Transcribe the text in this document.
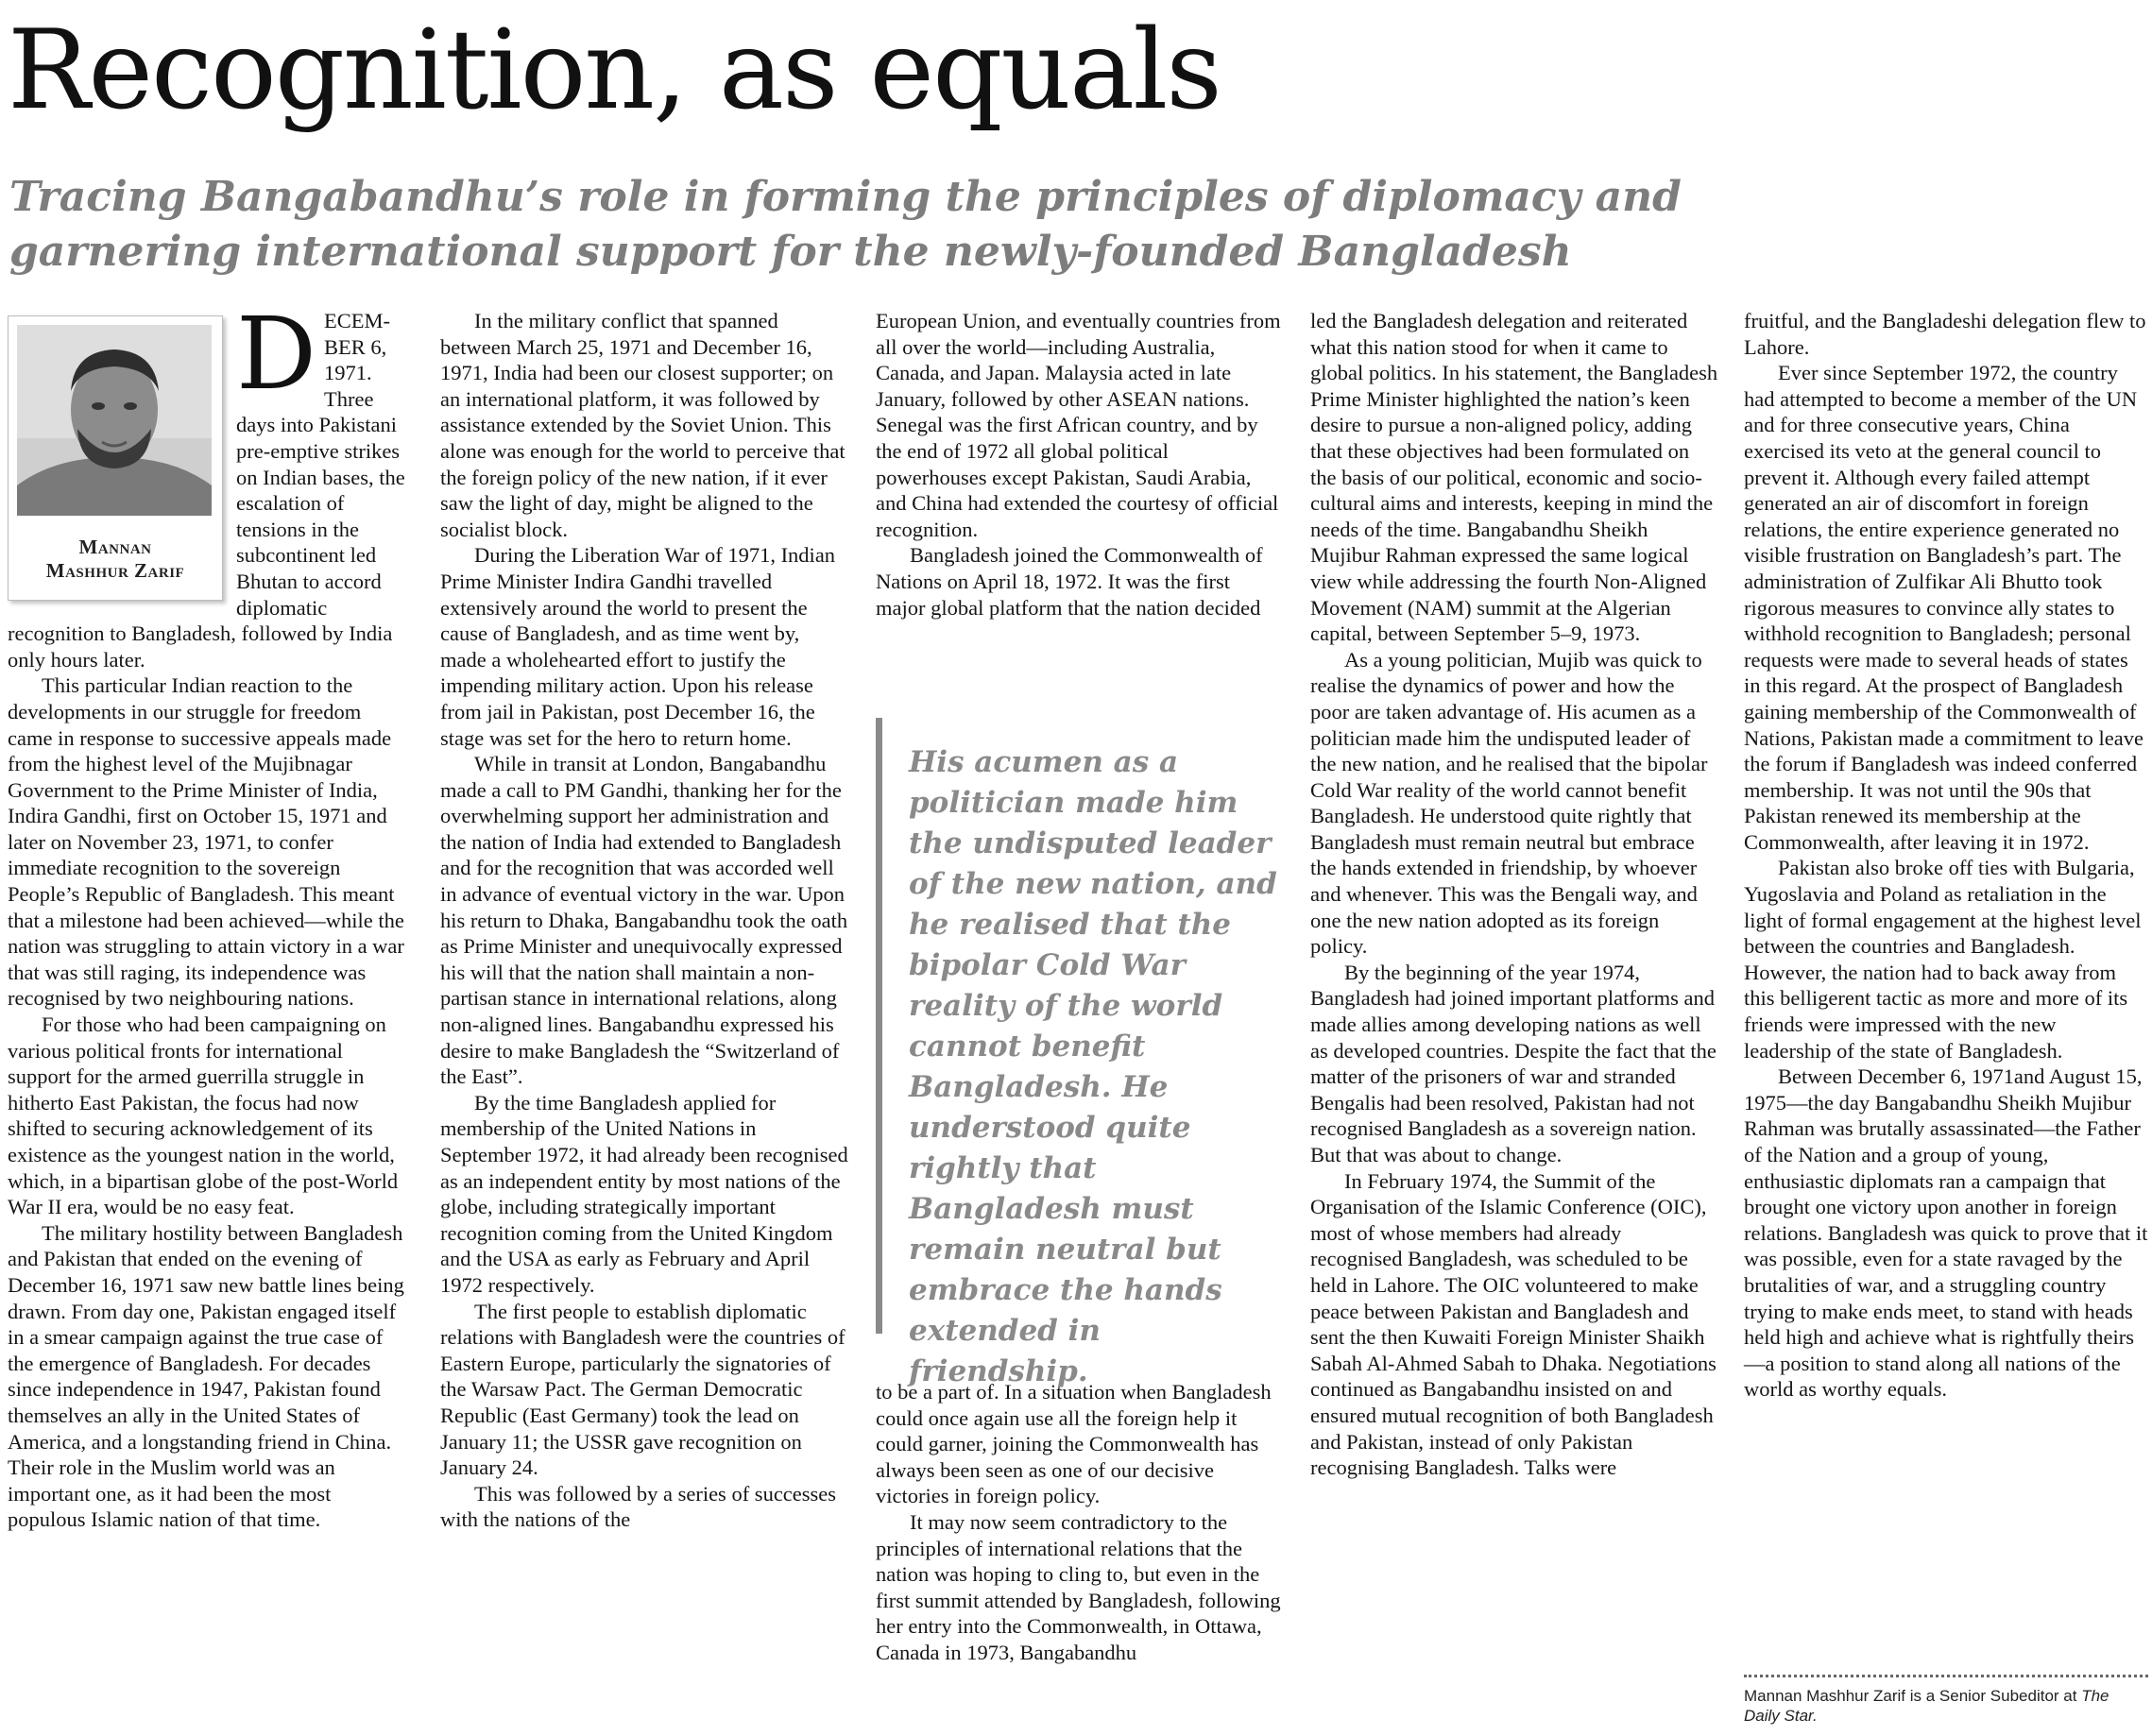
Recognition, as equals
Tracing Bangabandhu’s role in forming the principles of diplomacy and garnering international support for the newly-founded Bangladesh
Mannan
Mashhur Zarif

DECEM-BER 6, 1971. Three days into Pakistani pre-emptive strikes on Indian bases, the escalation of tensions in the subcontinent led Bhutan to accord diplomatic recognition to Bangladesh, followed by India only hours later.

This particular Indian reaction to the developments in our struggle for freedom came in response to successive appeals made from the highest level of the Mujibnagar Government to the Prime Minister of India, Indira Gandhi, first on October 15, 1971 and later on November 23, 1971, to confer immediate recognition to the sovereign People’s Republic of Bangladesh. This meant that a milestone had been achieved—while the nation was struggling to attain victory in a war that was still raging, its independence was recognised by two neighbouring nations.

For those who had been campaigning on various political fronts for international support for the armed guerrilla struggle in hitherto East Pakistan, the focus had now shifted to securing acknowledgement of its existence as the youngest nation in the world, which, in a bipartisan globe of the post-World War II era, would be no easy feat.

The military hostility between Bangladesh and Pakistan that ended on the evening of December 16, 1971 saw new battle lines being drawn. From day one, Pakistan engaged itself in a smear campaign against the true case of the emergence of Bangladesh. For decades since independence in 1947, Pakistan found themselves an ally in the United States of America, and a longstanding friend in China. Their role in the Muslim world was an important one, as it had been the most populous Islamic nation of that time.

In the military conflict that spanned between March 25, 1971 and December 16, 1971, India had been our closest supporter; on an international platform, it was followed by assistance extended by the Soviet Union. This alone was enough for the world to perceive that the foreign policy of the new nation, if it ever saw the light of day, might be aligned to the socialist block.

During the Liberation War of 1971, Indian Prime Minister Indira Gandhi travelled extensively around the world to present the cause of Bangladesh, and as time went by, made a wholehearted effort to justify the impending military action. Upon his release from jail in Pakistan, post December 16, the stage was set for the hero to return home.

While in transit at London, Bangabandhu made a call to PM Gandhi, thanking her for the overwhelming support her administration and the nation of India had extended to Bangladesh and for the recognition that was accorded well in advance of eventual victory in the war. Upon his return to Dhaka, Bangabandhu took the oath as Prime Minister and unequivocally expressed his will that the nation shall maintain a non-partisan stance in international relations, along non-aligned lines. Bangabandhu expressed his desire to make Bangladesh the “Switzerland of the East”.

By the time Bangladesh applied for membership of the United Nations in September 1972, it had already been recognised as an independent entity by most nations of the globe, including strategically important recognition coming from the United Kingdom and the USA as early as February and April 1972 respectively.

The first people to establish diplomatic relations with Bangladesh were the countries of Eastern Europe, particularly the signatories of the Warsaw Pact. The German Democratic Republic (East Germany) took the lead on January 11; the USSR gave recognition on January 24.

This was followed by a series of successes with the nations of the

European Union, and eventually countries from all over the world—including Australia, Canada, and Japan. Malaysia acted in late January, followed by other ASEAN nations. Senegal was the first African country, and by the end of 1972 all global political powerhouses except Pakistan, Saudi Arabia, and China had extended the courtesy of official recognition.

Bangladesh joined the Commonwealth of Nations on April 18, 1972. It was the first major global platform that the nation decided

His acumen as a politician made him the undisputed leader of the new nation, and he realised that the bipolar Cold War reality of the world cannot benefit Bangladesh. He understood quite rightly that Bangladesh must remain neutral but embrace the hands extended in friendship.

to be a part of. In a situation when Bangladesh could once again use all the foreign help it could garner, joining the Commonwealth has always been seen as one of our decisive victories in foreign policy.

It may now seem contradictory to the principles of international relations that the nation was hoping to cling to, but even in the first summit attended by Bangladesh, following her entry into the Commonwealth, in Ottawa, Canada in 1973, Bangabandhu

led the Bangladesh delegation and reiterated what this nation stood for when it came to global politics. In his statement, the Bangladesh Prime Minister highlighted the nation’s keen desire to pursue a non-aligned policy, adding that these objectives had been formulated on the basis of our political, economic and socio-cultural aims and interests, keeping in mind the needs of the time. Bangabandhu Sheikh Mujibur Rahman expressed the same logical view while addressing the fourth Non-Aligned Movement (NAM) summit at the Algerian capital, between September 5–9, 1973.

As a young politician, Mujib was quick to realise the dynamics of power and how the poor are taken advantage of. His acumen as a politician made him the undisputed leader of the new nation, and he realised that the bipolar Cold War reality of the world cannot benefit Bangladesh. He understood quite rightly that Bangladesh must remain neutral but embrace the hands extended in friendship, by whoever and whenever. This was the Bengali way, and one the new nation adopted as its foreign policy.

By the beginning of the year 1974, Bangladesh had joined important platforms and made allies among developing nations as well as developed countries. Despite the fact that the matter of the prisoners of war and stranded Bengalis had been resolved, Pakistan had not recognised Bangladesh as a sovereign nation. But that was about to change.

In February 1974, the Summit of the Organisation of the Islamic Conference (OIC), most of whose members had already recognised Bangladesh, was scheduled to be held in Lahore. The OIC volunteered to make peace between Pakistan and Bangladesh and sent the then Kuwaiti Foreign Minister Shaikh Sabah Al-Ahmed Sabah to Dhaka. Negotiations continued as Bangabandhu insisted on and ensured mutual recognition of both Bangladesh and Pakistan, instead of only Pakistan recognising Bangladesh. Talks were

fruitful, and the Bangladeshi delegation flew to Lahore.

Ever since September 1972, the country had attempted to become a member of the UN and for three consecutive years, China exercised its veto at the general council to prevent it. Although every failed attempt generated an air of discomfort in foreign relations, the entire experience generated no visible frustration on Bangladesh’s part. The administration of Zulfikar Ali Bhutto took rigorous measures to convince ally states to withhold recognition to Bangladesh; personal requests were made to several heads of states in this regard. At the prospect of Bangladesh gaining membership of the Commonwealth of Nations, Pakistan made a commitment to leave the forum if Bangladesh was indeed conferred membership. It was not until the 90s that Pakistan renewed its membership at the Commonwealth, after leaving it in 1972.

Pakistan also broke off ties with Bulgaria, Yugoslavia and Poland as retaliation in the light of formal engagement at the highest level between the countries and Bangladesh. However, the nation had to back away from this belligerent tactic as more and more of its friends were impressed with the new leadership of the state of Bangladesh.

Between December 6, 1971and August 15, 1975—the day Bangabandhu Sheikh Mujibur Rahman was brutally assassinated—the Father of the Nation and a group of young, enthusiastic diplomats ran a campaign that brought one victory upon another in foreign relations. Bangladesh was quick to prove that it was possible, even for a state ravaged by the brutalities of war, and a struggling country trying to make ends meet, to stand with heads held high and achieve what is rightfully theirs—a position to stand along all nations of the world as worthy equals.

Mannan Mashhur Zarif is a Senior Subeditor at The Daily Star.
